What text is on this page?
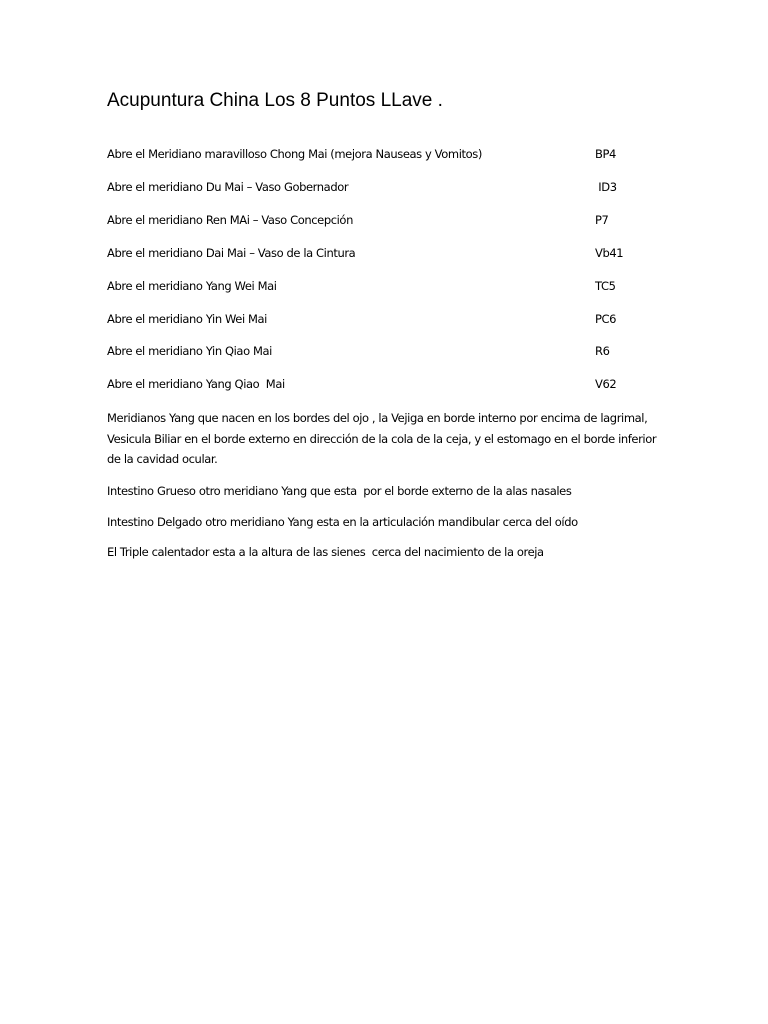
Acupuntura China Los 8 Puntos LLave .
Abre el Meridiano maravilloso Chong Mai (mejora Nauseas y Vomitos)	BP4
Abre el meridiano Du Mai – Vaso Gobernador	ID3
Abre el meridiano Ren MAi – Vaso Concepción	P7
Abre el meridiano Dai Mai – Vaso de la Cintura	Vb41
Abre el meridiano Yang Wei Mai	TC5
Abre el meridiano Yin Wei Mai	PC6
Abre el meridiano Yin Qiao Mai	R6
Abre el meridiano Yang Qiao  Mai	V62

Meridianos Yang que nacen en los bordes del ojo , la Vejiga en borde interno por encima de lagrimal, Vesicula Biliar en el borde externo en dirección de la cola de la ceja, y el estomago en el borde inferior de la cavidad ocular.

Intestino Grueso otro meridiano Yang que esta  por el borde externo de la alas nasales

Intestino Delgado otro meridiano Yang esta en la articulación mandibular cerca del oído

El Triple calentador esta a la altura de las sienes  cerca del nacimiento de la oreja
